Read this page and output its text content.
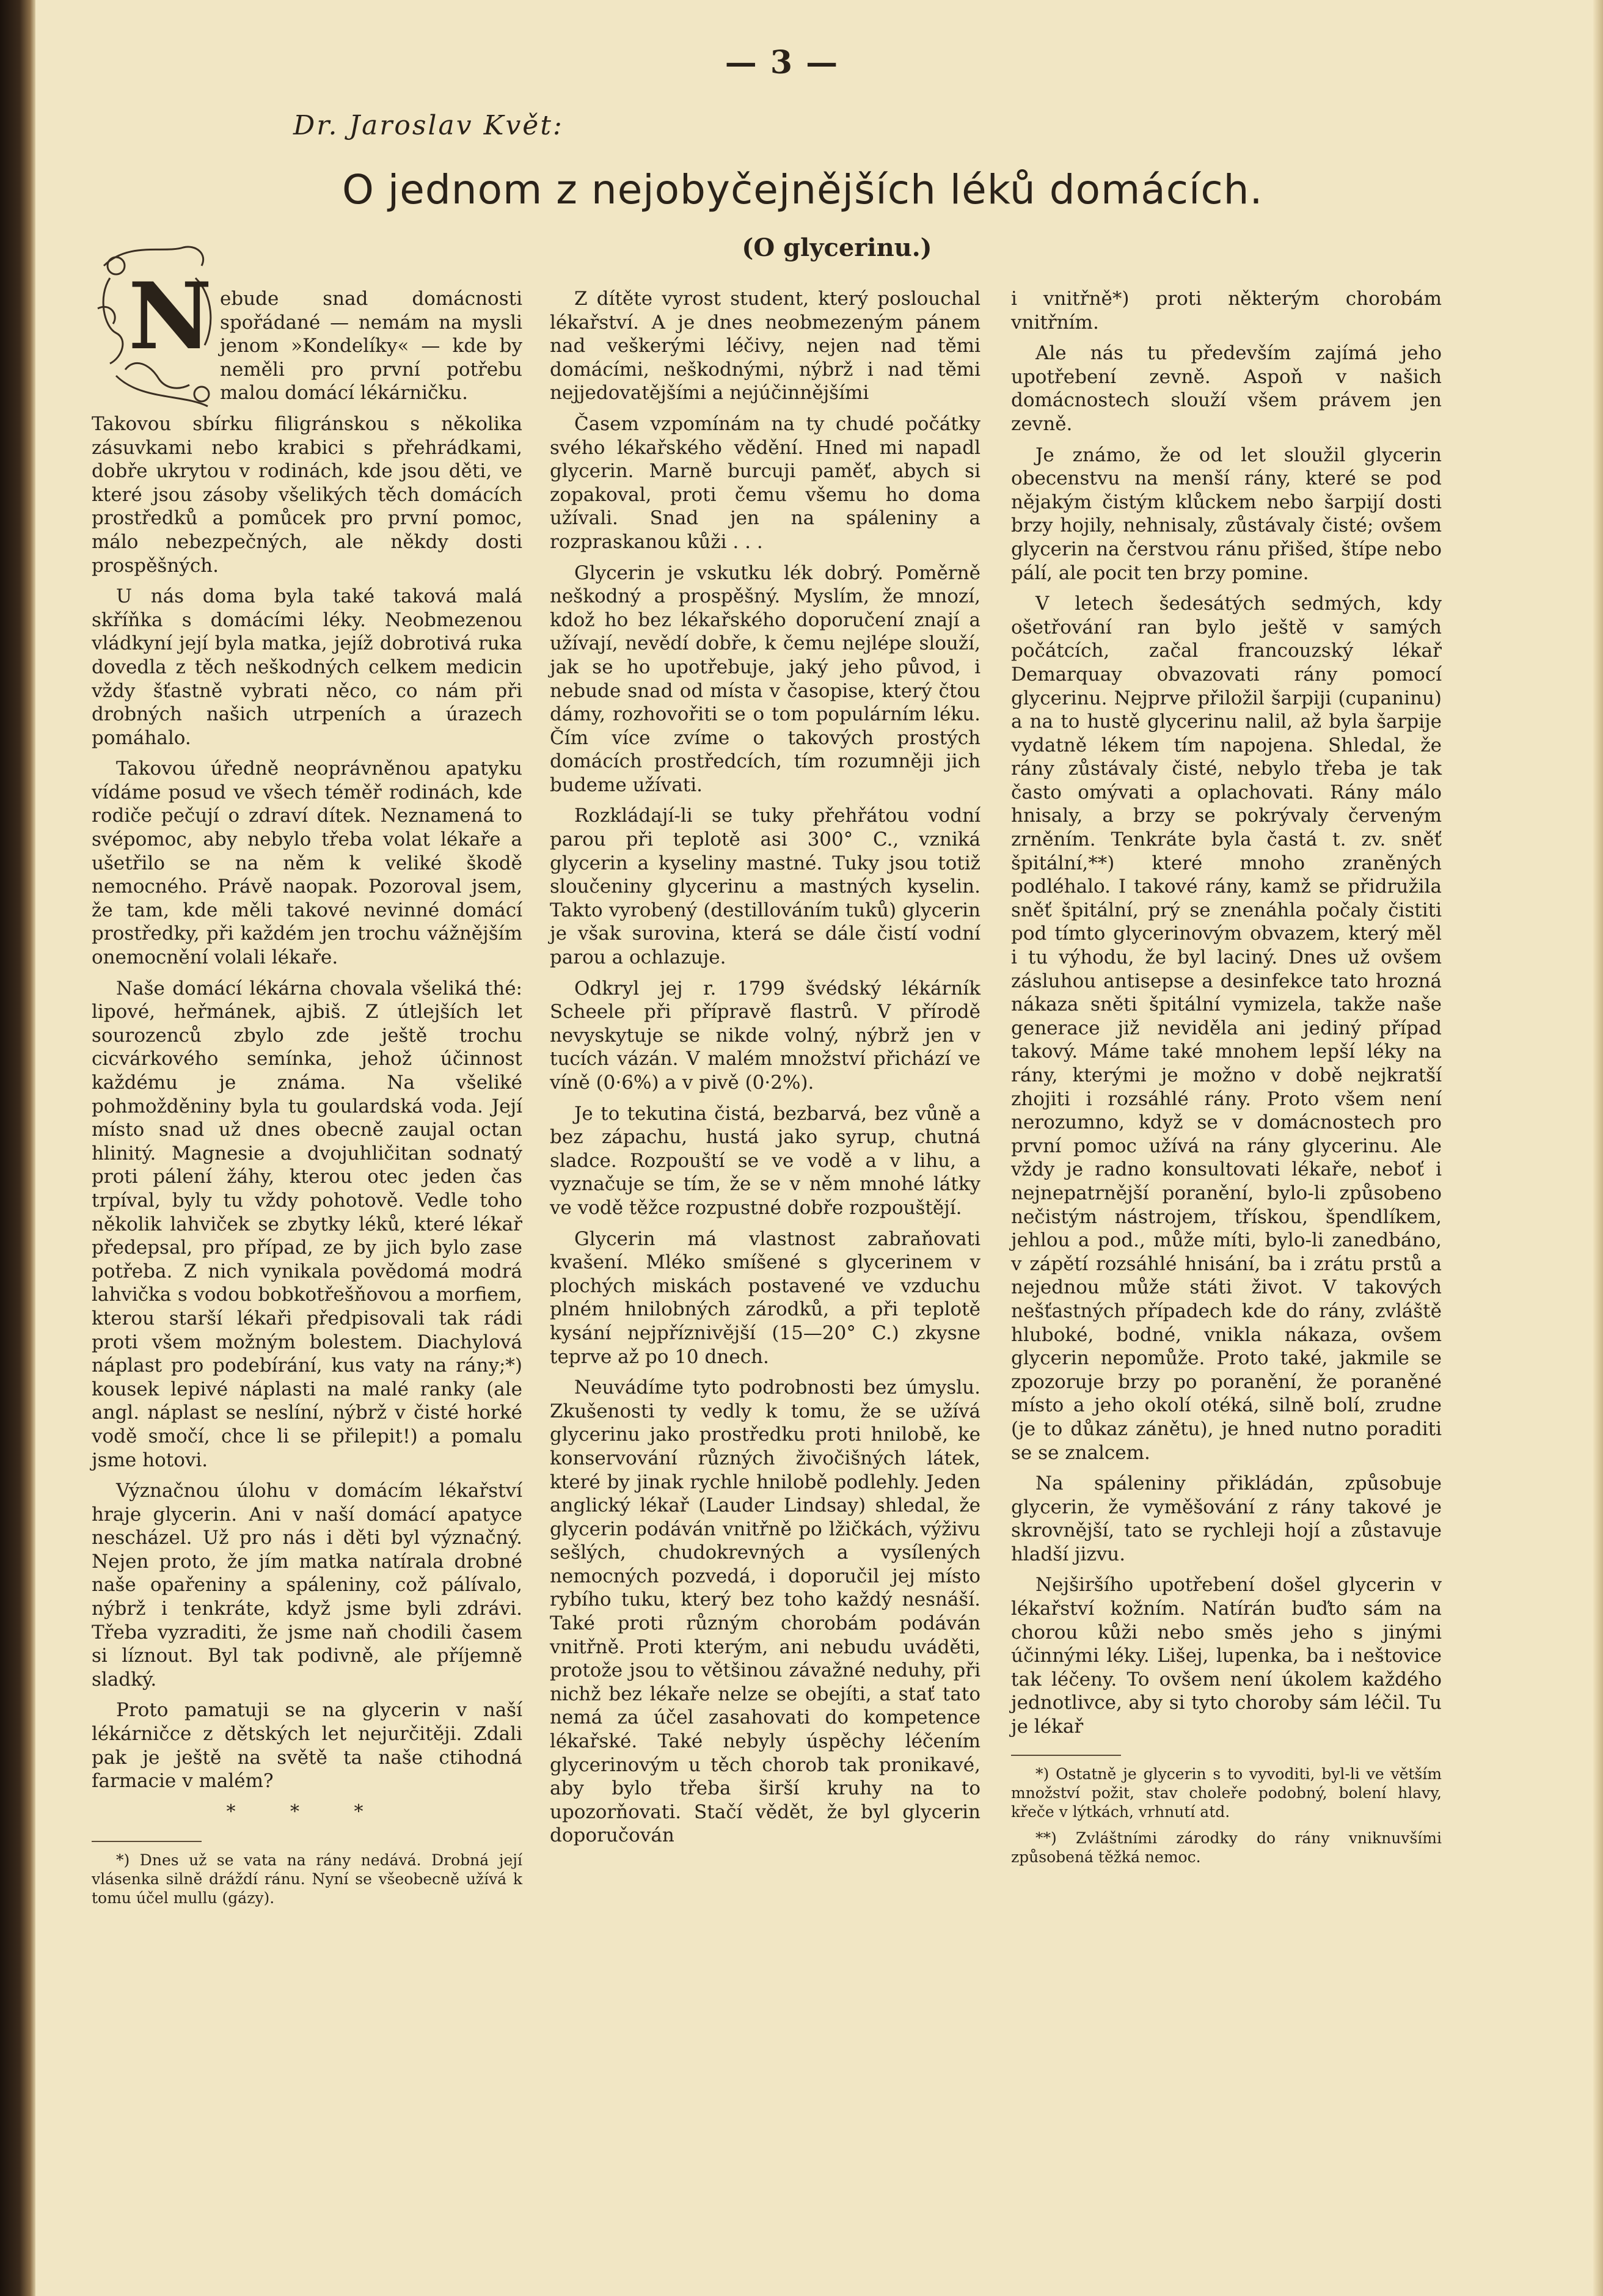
— 3 —
Dr. Jaroslav Květ:
O jednom z nejobyčejnějších léků domácích.
(O glycerinu.)
N ebude snad domácnosti spořádané — nemám na mysli jenom »Kondelíky« — kde by neměli pro první potřebu malou domácí lékárničku.

Takovou sbírku filigránskou s několika zásuvkami nebo krabici s přehrádkami, dobře ukrytou v rodinách, kde jsou děti, ve které jsou zásoby všelikých těch domácích prostředků a pomůcek pro první pomoc, málo nebezpečných, ale někdy dosti prospěšných.

U nás doma byla také taková malá skříňka s domácími léky. Neobmezenou vládkyní její byla matka, jejíž dobrotivá ruka dovedla z těch neškodných celkem medicin vždy šťastně vybrati něco, co nám při drobných našich utrpeních a úrazech pomáhalo.

Takovou úředně neoprávněnou apatyku vídáme posud ve všech téměř rodinách, kde rodiče pečují o zdraví dítek. Neznamená to svépomoc, aby nebylo třeba volat lékaře a ušetřilo se na něm k veliké škodě nemocného. Právě naopak. Pozoroval jsem, že tam, kde měli takové nevinné domácí prostředky, při každém jen trochu vážnějším onemocnění volali lékaře.

Naše domácí lékárna chovala všeliká thé: lipové, heřmánek, ajbiš. Z útlejších let sourozenců zbylo zde ještě trochu cicvárkového semínka, jehož účinnost každému je známa. Na všeliké pohmožděniny byla tu goulardská voda. Její místo snad už dnes obecně zaujal octan hlinitý. Magnesie a dvojuhličitan sodnatý proti pálení žáhy, kterou otec jeden čas trpíval, byly tu vždy pohotově. Vedle toho několik lahviček se zbytky léků, které lékař předepsal, pro případ, ze by jich bylo zase potřeba. Z nich vynikala povědomá modrá lahvička s vodou bobkotřešňovou a morfiem, kterou starší lékaři předpisovali tak rádi proti všem možným bolestem. Diachylová náplast pro podebírání, kus vaty na rány;*) kousek lepivé náplasti na malé ranky (ale angl. náplast se neslíní, nýbrž v čisté horké vodě smočí, chce li se přilepit!) a pomalu jsme hotovi.

Význačnou úlohu v domácím lékařství hraje glycerin. Ani v naší domácí apatyce nescházel. Už pro nás i děti byl význačný. Nejen proto, že jím matka natírala drobné naše opařeniny a spáleniny, což pálívalo, nýbrž i tenkráte, když jsme byli zdrávi. Třeba vyzraditi, že jsme naň chodili časem si líznout. Byl tak podivně, ale příjemně sladký.

Proto pamatuji se na glycerin v naší lékárničce z dětských let nejurčitěji. Zdali pak je ještě na světě ta naše ctihodná farmacie v malém?

* * *

*) Dnes už se vata na rány nedává. Drobná její vlásenka silně dráždí ránu. Nyní se všeobecně užívá k tomu účel mullu (gázy).

Z dítěte vyrost student, který poslouchal lékařství. A je dnes neobmezeným pánem nad veškerými léčivy, nejen nad těmi domácími, neškodnými, nýbrž i nad těmi nejjedovatějšími a nejúčinnějšími

Časem vzpomínám na ty chudé počátky svého lékařského vědění. Hned mi napadl glycerin. Marně burcuji paměť, abych si zopakoval, proti čemu všemu ho doma užívali. Snad jen na spáleniny a rozpraskanou kůži . . .

Glycerin je vskutku lék dobrý. Poměrně neškodný a prospěšný. Myslím, že mnozí, kdož ho bez lékařského doporučení znají a užívají, nevědí dobře, k čemu nejlépe slouží, jak se ho upotřebuje, jaký jeho původ, i nebude snad od místa v časopise, který čtou dámy, rozhovořiti se o tom populárním léku. Čím více zvíme o takových prostých domácích prostředcích, tím rozumněji jich budeme užívati.

Rozkládají-li se tuky přehřátou vodní parou při teplotě asi 300° C., vzniká glycerin a kyseliny mastné. Tuky jsou totiž sloučeniny glycerinu a mastných kyselin. Takto vyrobený (destillováním tuků) glycerin je však surovina, která se dále čistí vodní parou a ochlazuje.

Odkryl jej r. 1799 švédský lékárník Scheele při přípravě flastrů. V přírodě nevyskytuje se nikde volný, nýbrž jen v tucích vázán. V malém množství přichází ve víně (0·6%) a v pivě (0·2%).

Je to tekutina čistá, bezbarvá, bez vůně a bez zápachu, hustá jako syrup, chutná sladce. Rozpouští se ve vodě a v lihu, a vyznačuje se tím, že se v něm mnohé látky ve vodě těžce rozpustné dobře rozpouštějí.

Glycerin má vlastnost zabraňovati kvašení. Mléko smíšené s glycerinem v plochých miskách postavené ve vzduchu plném hnilobných zárodků, a při teplotě kysání nejpříznivější (15—20° C.) zkysne teprve až po 10 dnech.

Neuvádíme tyto podrobnosti bez úmyslu. Zkušenosti ty vedly k tomu, že se užívá glycerinu jako prostředku proti hnilobě, ke konservování různých živočišných látek, které by jinak rychle hnilobě podlehly. Jeden anglický lékař (Lauder Lindsay) shledal, že glycerin podáván vnitřně po lžičkách, výživu sešlých, chudokrevných a vysílených nemocných pozvedá, i doporučil jej místo rybího tuku, který bez toho každý nesnáší. Také proti různým chorobám podáván vnitřně. Proti kterým, ani nebudu uváděti, protože jsou to většinou závažné neduhy, při nichž bez lékaře nelze se obejíti, a stať tato nemá za účel zasahovati do kompetence lékařské. Také nebyly úspěchy léčením glycerinovým u těch chorob tak pronikavé, aby bylo třeba širší kruhy na to upozorňovati. Stačí vědět, že byl glycerin doporučován

i vnitřně*) proti některým chorobám vnitřním.

Ale nás tu především zajímá jeho upotřebení zevně. Aspoň v našich domácnostech slouží všem právem jen zevně.

Je známo, že od let sloužil glycerin obecenstvu na menší rány, které se pod nějakým čistým klůckem nebo šarpijí dosti brzy hojily, nehnisaly, zůstávaly čisté; ovšem glycerin na čerstvou ránu přišed, štípe nebo pálí, ale pocit ten brzy pomine.

V letech šedesátých sedmých, kdy ošetřování ran bylo ještě v samých počátcích, začal francouzský lékař Demarquay obvazovati rány pomocí glycerinu. Nejprve přiložil šarpiji (cupaninu) a na to hustě glycerinu nalil, až byla šarpije vydatně lékem tím napojena. Shledal, že rány zůstávaly čisté, nebylo třeba je tak často omývati a oplachovati. Rány málo hnisaly, a brzy se pokrývaly červeným zrněním. Tenkráte byla častá t. zv. sněť špitální,**) které mnoho zraněných podléhalo. I takové rány, kamž se přidružila sněť špitální, prý se znenáhla počaly čistiti pod tímto glycerinovým obvazem, který měl i tu výhodu, že byl laciný. Dnes už ovšem zásluhou antisepse a desinfekce tato hrozná nákaza sněti špitální vymizela, takže naše generace již neviděla ani jediný případ takový. Máme také mnohem lepší léky na rány, kterými je možno v době nejkratší zhojiti i rozsáhlé rány. Proto všem není nerozumno, když se v domácnostech pro první pomoc užívá na rány glycerinu. Ale vždy je radno konsultovati lékaře, neboť i nejnepatrnější poranění, bylo-li způsobeno nečistým nástrojem, třískou, špendlíkem, jehlou a pod., může míti, bylo-li zanedbáno, v zápětí rozsáhlé hnisání, ba i zrátu prstů a nejednou může státi život. V takových nešťastných případech kde do rány, zvláště hluboké, bodné, vnikla nákaza, ovšem glycerin nepomůže. Proto také, jakmile se zpozoruje brzy po poranění, že poraněné místo a jeho okolí otéká, silně bolí, zrudne (je to důkaz zánětu), je hned nutno poraditi se se znalcem.

Na spáleniny přikládán, způsobuje glycerin, že vyměšování z rány takové je skrovnější, tato se rychleji hojí a zůstavuje hladší jizvu.

Nejširšího upotřebení došel glycerin v lékařství kožním. Natírán buďto sám na chorou kůži nebo směs jeho s jinými účinnými léky. Lišej, lupenka, ba i neštovice tak léčeny. To ovšem není úkolem každého jednotlivce, aby si tyto choroby sám léčil. Tu je lékař

*) Ostatně je glycerin s to vyvoditi, byl-li ve větším množství požit, stav choleře podobný, bolení hlavy, křeče v lýtkách, vrhnutí atd.

**) Zvláštními zárodky do rány vniknuvšími způsobená těžká nemoc.
